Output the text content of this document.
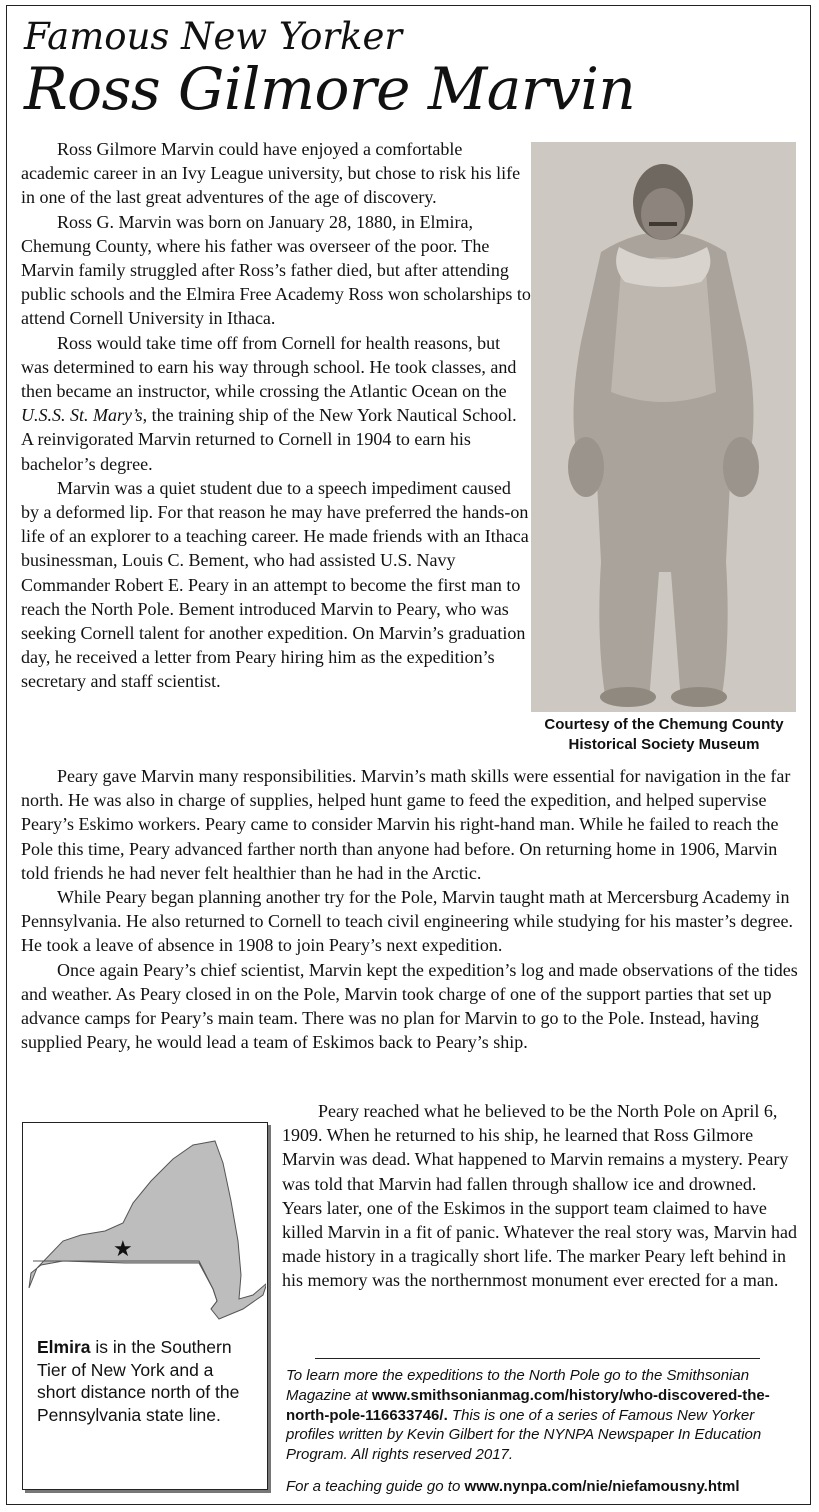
Famous New Yorker
Ross Gilmore Marvin

Ross Gilmore Marvin could have enjoyed a comfortable academic career in an Ivy League university, but chose to risk his life in one of the last great adventures of the age of discovery.

Ross G. Marvin was born on January 28, 1880, in Elmira, Chemung County, where his father was overseer of the poor. The Marvin family struggled after Ross’s father died, but after attending public schools and the Elmira Free Academy Ross won scholarships to attend Cornell University in Ithaca.

Ross would take time off from Cornell for health reasons, but was determined to earn his way through school. He took classes, and then became an instructor, while crossing the Atlantic Ocean on the U.S.S. St. Mary’s, the training ship of the New York Nautical School. A reinvigorated Marvin returned to Cornell in 1904 to earn his bachelor’s degree.

Marvin was a quiet student due to a speech impediment caused by a deformed lip. For that reason he may have preferred the hands-on life of an explorer to a teaching career. He made friends with an Ithaca businessman, Louis C. Bement, who had assisted U.S. Navy Commander Robert E. Peary in an attempt to become the first man to reach the North Pole. Bement introduced Marvin to Peary, who was seeking Cornell talent for another expedition. On Marvin’s graduation day, he received a letter from Peary hiring him as the expedition’s secretary and staff scientist.

Courtesy of the Chemung County Historical Society Museum

Peary gave Marvin many responsibilities. Marvin’s math skills were essential for navigation in the far north. He was also in charge of supplies, helped hunt game to feed the expedition, and helped supervise Peary’s Eskimo workers. Peary came to consider Marvin his right-hand man. While he failed to reach the Pole this time, Peary advanced farther north than anyone had before. On returning home in 1906, Marvin told friends he had never felt healthier than he had in the Arctic.

While Peary began planning another try for the Pole, Marvin taught math at Mercersburg Academy in Pennsylvania. He also returned to Cornell to teach civil engineering while studying for his master’s degree. He took a leave of absence in 1908 to join Peary’s next expedition.

Once again Peary’s chief scientist, Marvin kept the expedition’s log and made observations of the tides and weather. As Peary closed in on the Pole, Marvin took charge of one of the support parties that set up advance camps for Peary’s main team. There was no plan for Marvin to go to the Pole. Instead, having supplied Peary, he would lead a team of Eskimos back to Peary’s ship.

★
Elmira is in the Southern Tier of New York and a short distance north of the Pennsylvania state line.

Peary reached what he believed to be the North Pole on April 6, 1909. When he returned to his ship, he learned that Ross Gilmore Marvin was dead. What happened to Marvin remains a mystery. Peary was told that Marvin had fallen through shallow ice and drowned. Years later, one of the Eskimos in the support team claimed to have killed Marvin in a fit of panic. Whatever the real story was, Marvin had made history in a tragically short life. The marker Peary left behind in his memory was the northernmost monument ever erected for a man.

To learn more the expeditions to the North Pole go to the Smithsonian Magazine at www.smithsonianmag.com/history/who-discovered-the-north-pole-116633746/. This is one of a series of Famous New Yorker profiles written by Kevin Gilbert for the NYNPA Newspaper In Education Program. All rights reserved 2017.
For a teaching guide go to www.nynpa.com/nie/niefamousny.html
